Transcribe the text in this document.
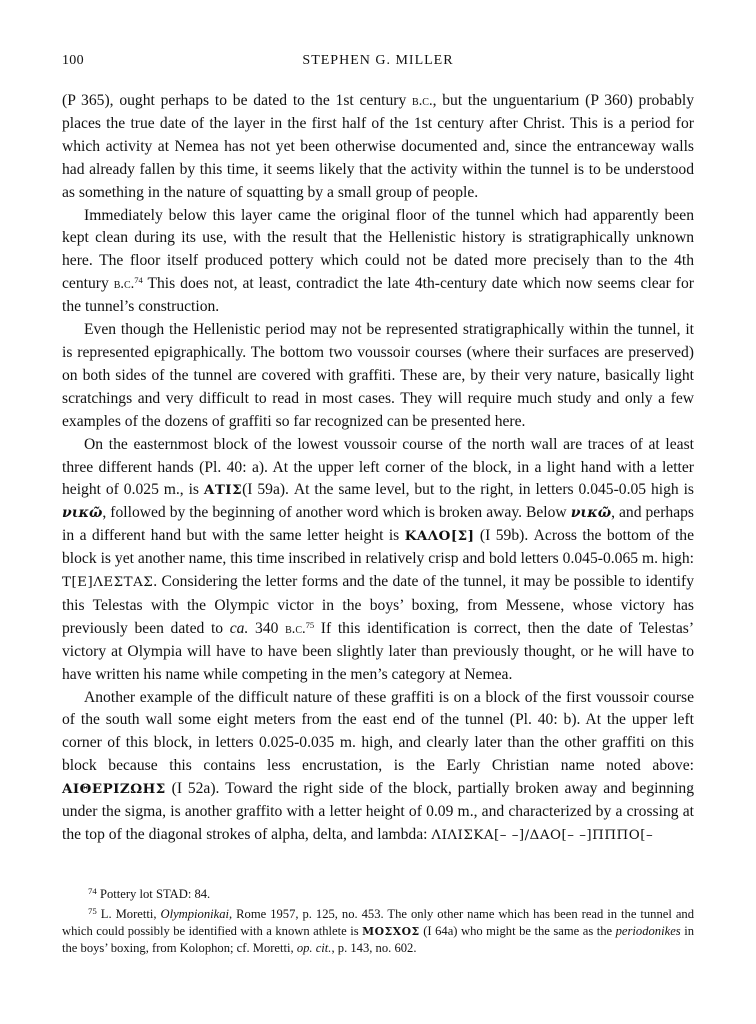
100	STEPHEN G. MILLER

(P 365), ought perhaps to be dated to the 1st century b.c., but the unguentarium (P 360) probably places the true date of the layer in the first half of the 1st century after Christ. This is a period for which activity at Nemea has not yet been otherwise documented and, since the entranceway walls had already fallen by this time, it seems likely that the activity within the tunnel is to be understood as something in the nature of squatting by a small group of people.

Immediately below this layer came the original floor of the tunnel which had apparently been kept clean during its use, with the result that the Hellenistic history is stratigraphically unknown here. The floor itself produced pottery which could not be dated more precisely than to the 4th century b.c.$^{74}$ This does not, at least, contradict the late 4th-century date which now seems clear for the tunnel’s construction.

Even though the Hellenistic period may not be represented stratigraphically within the tunnel, it is represented epigraphically. The bottom two voussoir courses (where their surfaces are preserved) on both sides of the tunnel are covered with graffiti. These are, by their very nature, basically light scratchings and very difficult to read in most cases. They will require much study and only a few examples of the dozens of graffiti so far recognized can be presented here.

On the easternmost block of the lowest voussoir course of the north wall are traces of at least three different hands (Pl. 40: a). At the upper left corner of the block, in a light hand with a letter height of 0.025 m., is ΑΤΙΣ(I 59a). At the same level, but to the right, in letters 0.045-0.05 high is νικῶ, followed by the beginning of another word which is broken away. Below νικῶ, and perhaps in a different hand but with the same letter height is ΚΑΛΟ[Σ] (I 59b). Across the bottom of the block is yet another name, this time inscribed in relatively crisp and bold letters 0.045-0.065 m. high: Τ[Ε]ΛΕΣΤΑΣ. Considering the letter forms and the date of the tunnel, it may be possible to identify this Telestas with the Olympic victor in the boys’ boxing, from Messene, whose victory has previously been dated to ca. 340 b.c.$^{75}$ If this identification is correct, then the date of Telestas’ victory at Olympia will have to have been slightly later than previously thought, or he will have to have written his name while competing in the men’s category at Nemea.

Another example of the difficult nature of these graffiti is on a block of the first voussoir course of the south wall some eight meters from the east end of the tunnel (Pl. 40: b). At the upper left corner of this block, in letters 0.025-0.035 m. high, and clearly later than the other graffiti on this block because this contains less encrustation, is the Early Christian name noted above: ΑΙΘΕΡΙΖΩΗΣ (I 52a). Toward the right side of the block, partially broken away and beginning under the sigma, is another graffito with a letter height of 0.09 m., and characterized by a crossing at the top of the diagonal strokes of alpha, delta, and lambda: ΛΙΛΙΣΚΑ[– –]/ΔΑΟ[– –]ΠΠΠΟ[–

$^{74}$ Pottery lot STAD: 84.

$^{75}$ L. Moretti, Olympionikai, Rome 1957, p. 125, no. 453. The only other name which has been read in the tunnel and which could possibly be identified with a known athlete is ΜΟΣΧΟΣ (I 64a) who might be the same as the periodonikes in the boys’ boxing, from Kolophon; cf. Moretti, op. cit., p. 143, no. 602.
